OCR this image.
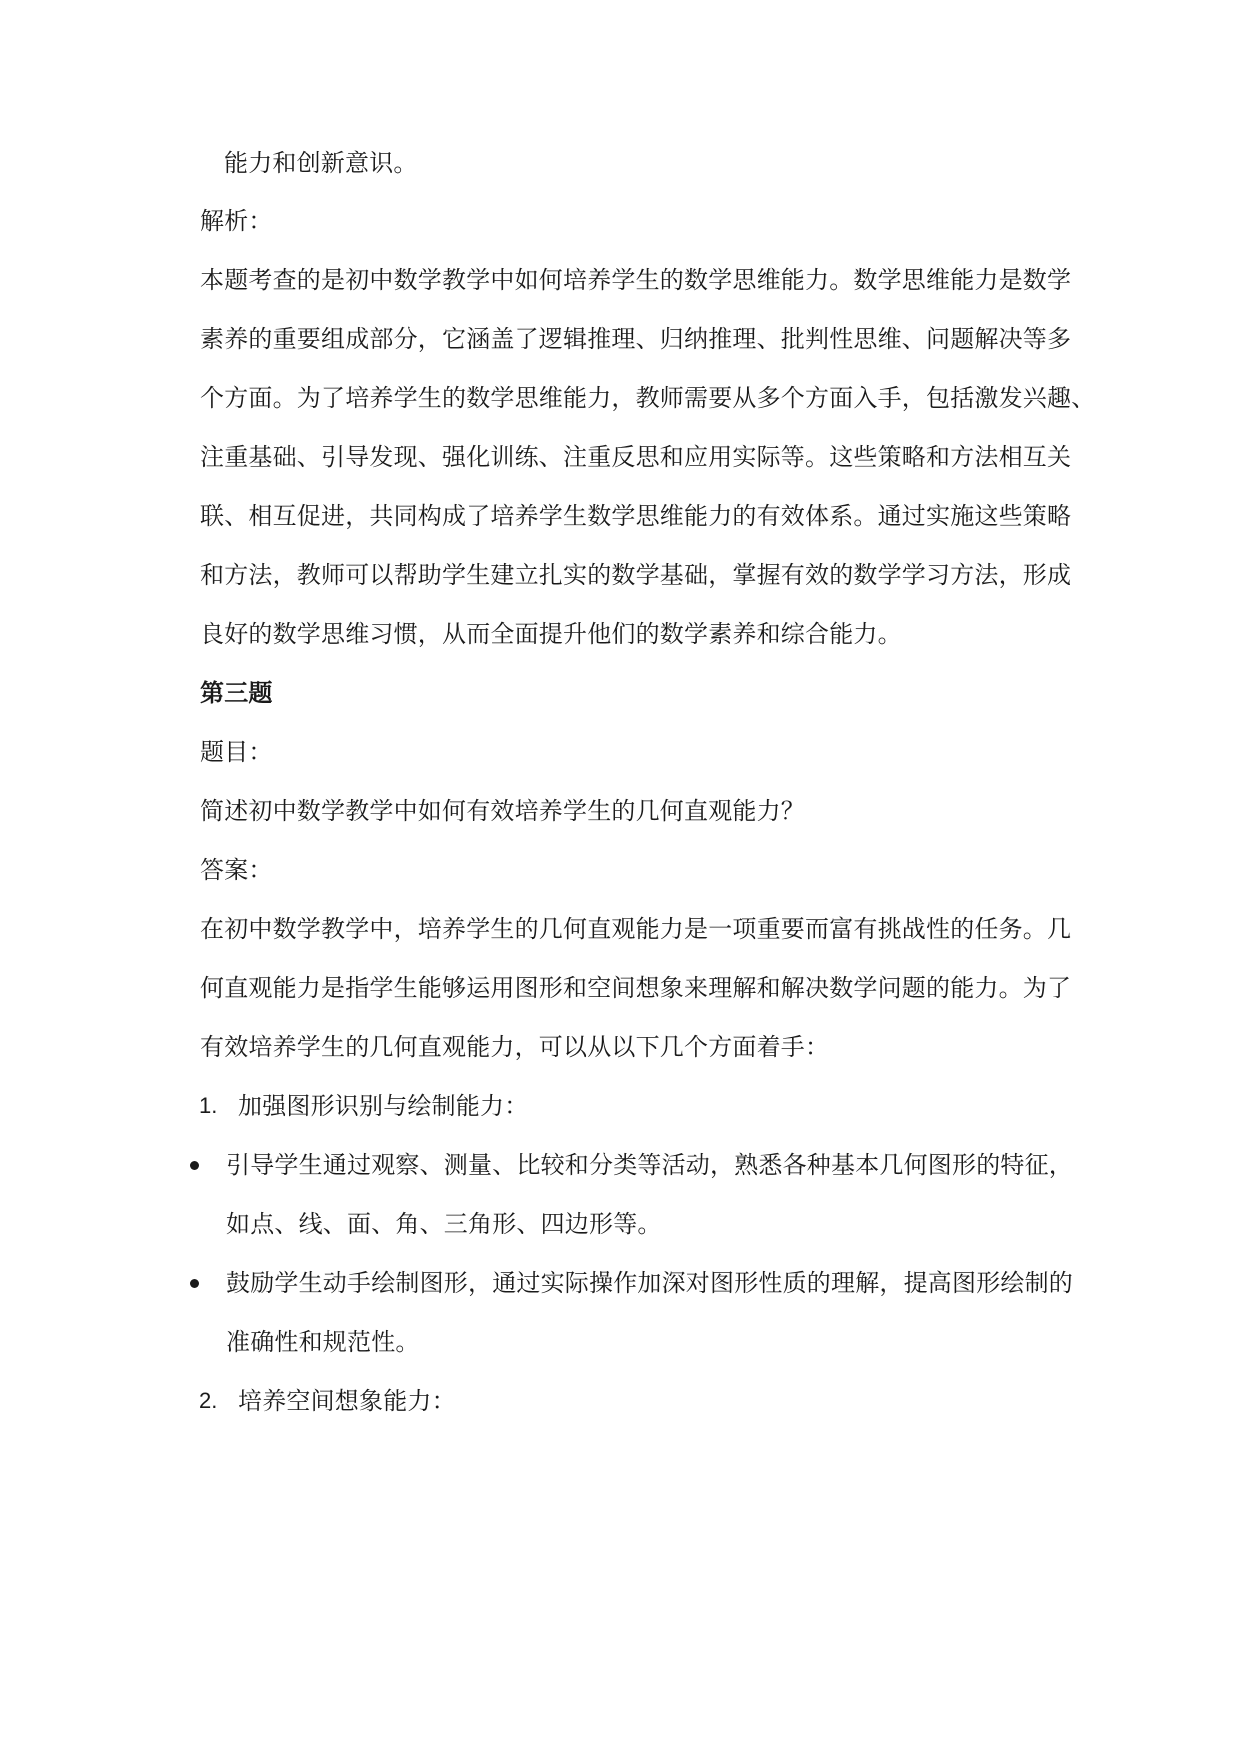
能力和创新意识。
解析：
本题考查的是初中数学教学中如何培养学生的数学思维能力。数学思维能力是数学
素养的重要组成部分，它涵盖了逻辑推理、归纳推理、批判性思维、问题解决等多
个方面。为了培养学生的数学思维能力，教师需要从多个方面入手，包括激发兴趣、
注重基础、引导发现、强化训练、注重反思和应用实际等。这些策略和方法相互关
联、相互促进，共同构成了培养学生数学思维能力的有效体系。通过实施这些策略
和方法，教师可以帮助学生建立扎实的数学基础，掌握有效的数学学习方法，形成
良好的数学思维习惯，从而全面提升他们的数学素养和综合能力。
第三题
题目：
简述初中数学教学中如何有效培养学生的几何直观能力？
答案：
在初中数学教学中，培养学生的几何直观能力是一项重要而富有挑战性的任务。几
何直观能力是指学生能够运用图形和空间想象来理解和解决数学问题的能力。为了
有效培养学生的几何直观能力，可以从以下几个方面着手：
1. 加强图形识别与绘制能力：
引导学生通过观察、测量、比较和分类等活动，熟悉各种基本几何图形的特征，
如点、线、面、角、三角形、四边形等。
鼓励学生动手绘制图形，通过实际操作加深对图形性质的理解，提高图形绘制的
准确性和规范性。
2. 培养空间想象能力：
